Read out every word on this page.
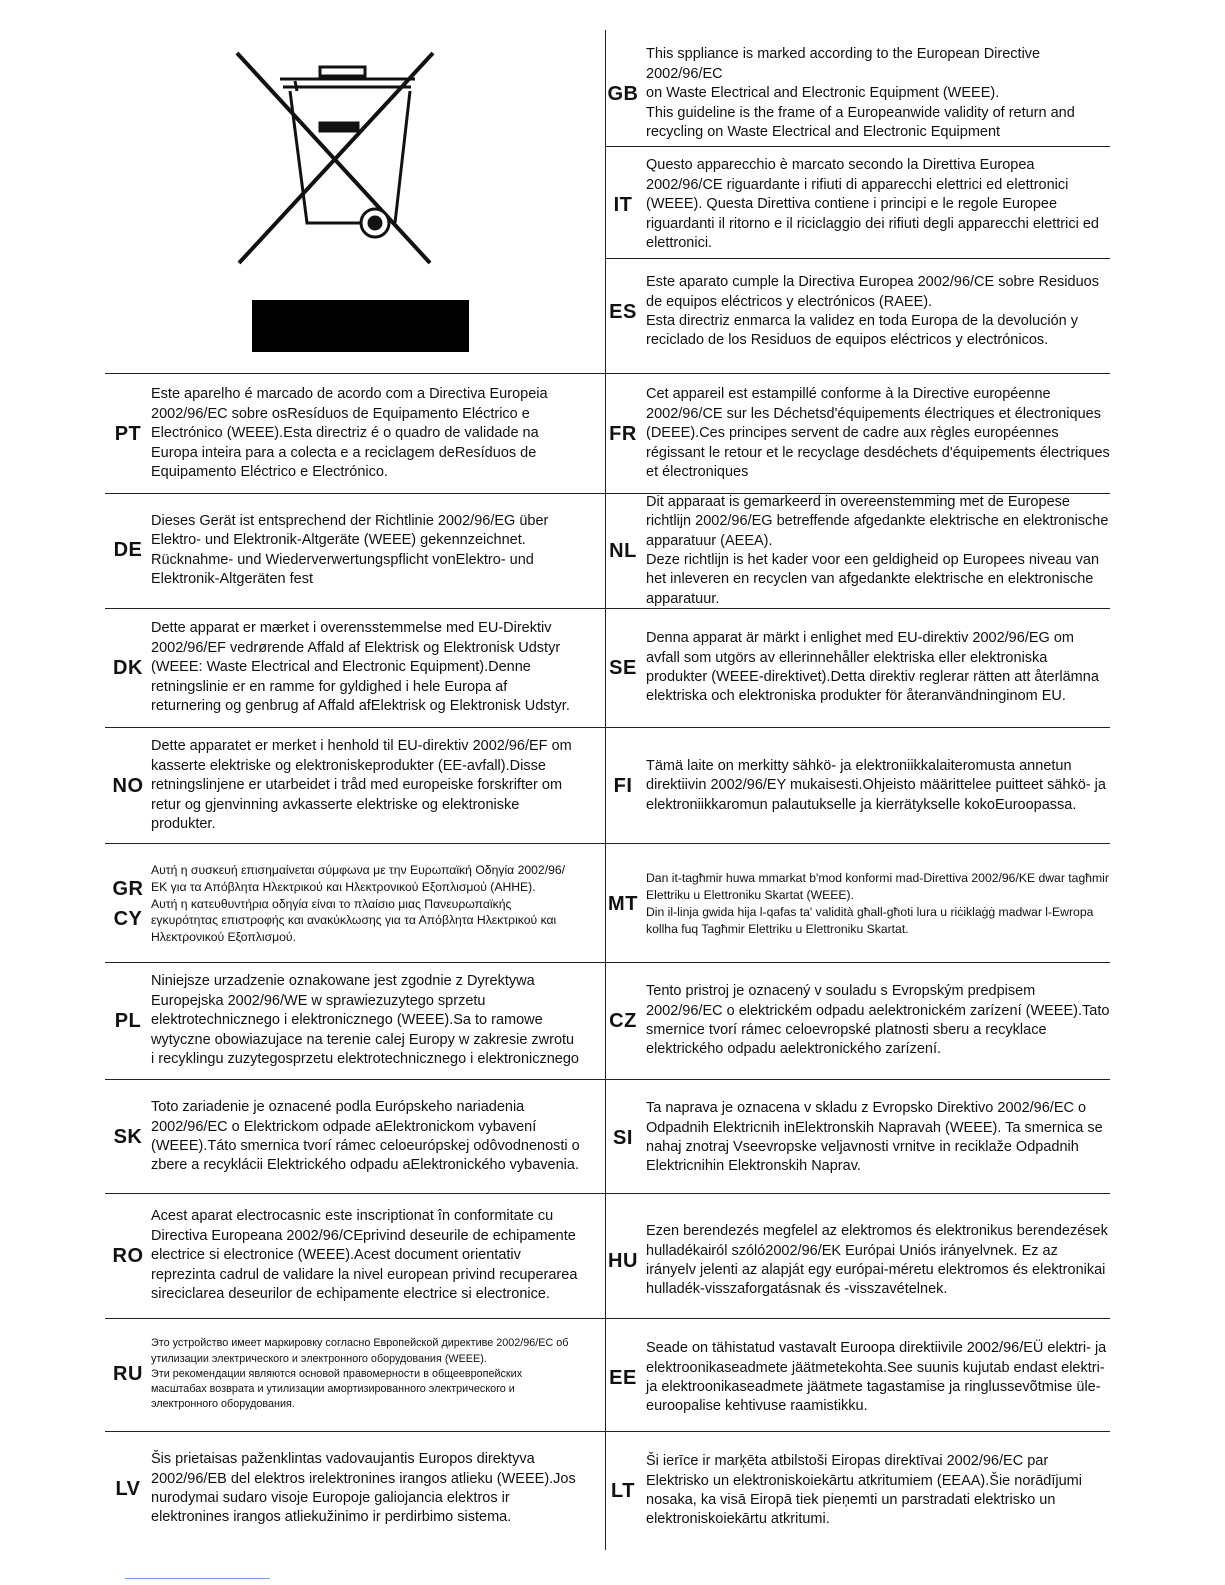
GB
This sppliance is marked according to the European Directive 2002/96/EC
on Waste Electrical and Electronic Equipment (WEEE).
This guideline is the frame of a Europeanwide validity of return and recycling on Waste Electrical and Electronic Equipment
IT
Questo apparecchio è marcato secondo la Direttiva Europea 2002/96/CE riguardante i rifiuti di apparecchi elettrici ed elettronici (WEEE). Questa Direttiva contiene i principi e le regole Europee riguardanti il ritorno e il riciclaggio dei rifiuti degli apparecchi elettrici ed elettronici.
ES
Este aparato cumple la Directiva Europea 2002/96/CE sobre Residuos de equipos eléctricos y electrónicos (RAEE).
Esta directriz enmarca la validez en toda Europa de la devolución y reciclado de los Residuos de equipos eléctricos y electrónicos.
PT
Este aparelho é marcado de acordo com a Directiva Europeia 2002/96/EC sobre osResíduos de Equipamento Eléctrico e Electrónico (WEEE).Esta directriz é o quadro de validade na Europa inteira para a colecta e a reciclagem deResíduos de Equipamento Eléctrico e Electrónico.
FR
Cet appareil est estampillé conforme à la Directive européenne 2002/96/CE sur les Déchetsd'équipements électriques et électroniques (DEEE).Ces principes servent de cadre aux règles européennes régissant le retour et le recyclage desdéchets d'équipements électriques et électroniques
DE
Dieses Gerät ist entsprechend der Richtlinie 2002/96/EG über Elektro- und Elektronik-Altgeräte (WEEE) gekennzeichnet.
Rücknahme- und Wiederverwertungspflicht vonElektro- und Elektronik-Altgeräten fest
NL
Dit apparaat is gemarkeerd in overeenstemming met de Europese richtlijn 2002/96/EG betreffende afgedankte elektrische en elektronische apparatuur (AEEA).
Deze richtlijn is het kader voor een geldigheid op Europees niveau van het inleveren en recyclen van afgedankte elektrische en elektronische apparatuur.
DK
Dette apparat er mærket i overensstemmelse med EU-Direktiv 2002/96/EF vedrørende Affald af Elektrisk og Elektronisk Udstyr (WEEE: Waste Electrical and Electronic Equipment).Denne retningslinie er en ramme for gyldighed i hele Europa af returnering og genbrug af Affald afElektrisk og Elektronisk Udstyr.
SE
Denna apparat är märkt i enlighet med EU-direktiv 2002/96/EG om avfall som utgörs av ellerinnehåller elektriska eller elektroniska produkter (WEEE-direktivet).Detta direktiv reglerar rätten att återlämna elektriska och elektroniska produkter för återanvändninginom EU.
NO
Dette apparatet er merket i henhold til EU-direktiv 2002/96/EF om kasserte elektriske og elektroniskeprodukter (EE-avfall).Disse retningslinjene er utarbeidet i tråd med europeiske forskrifter om retur og gjenvinning avkasserte elektriske og elektroniske produkter.
FI
Tämä laite on merkitty sähkö- ja elektroniikkalaiteromusta annetun direktiivin 2002/96/EY mukaisesti.Ohjeisto määrittelee puitteet sähkö- ja elektroniikkaromun palautukselle ja kierrätykselle kokoEuroopassa.
GR
CY
Αυτή η συσκευή επισημαίνεται σύμφωνα με την Ευρωπαϊκή Οδηγία 2002/96/ΕΚ για τα Απόβλητα Ηλεκτρικού και Ηλεκτρονικού Εξοπλισμού (ΑΗΗΕ).
Αυτή η κατευθυντήρια οδηγία είναι το πλαίσιο μιας Πανευρωπαϊκής εγκυρότητας επιστροφής και ανακύκλωσης για τα Απόβλητα Ηλεκτρικού και Ηλεκτρονικού Εξοπλισμού.
MT
Dan it-tagħmir huwa mmarkat b'mod konformi mad-Direttiva 2002/96/KE dwar tagħmir Elettriku u Elettroniku Skartat (WEEE).
Din il-linja gwida hija l-qafas ta' validità għall-għoti lura u riċiklaġġ madwar l-Ewropa kollha fuq Tagħmir Elettriku u Elettroniku Skartat.
PL
Niniejsze urzadzenie oznakowane jest zgodnie z Dyrektywa Europejska 2002/96/WE w sprawiezuzytego sprzetu elektrotechnicznego i elektronicznego (WEEE).Sa to ramowe wytyczne obowiazujace na terenie calej Europy w zakresie zwrotu i recyklingu zuzytegosprzetu elektrotechnicznego i elektronicznego
CZ
Tento pristroj je oznacený v souladu s Evropským predpisem 2002/96/EC o elektrickém odpadu aelektronickém zarízení (WEEE).Tato smernice tvorí rámec celoevropské platnosti sberu a recyklace elektrického odpadu aelektronického zarízení.
SK
Toto zariadenie je oznacené podla Európskeho nariadenia 2002/96/EC o Elektrickom odpade aElektronickom vybavení (WEEE).Táto smernica tvorí rámec celoeurópskej odôvodnenosti o zbere a recyklácii Elektrického odpadu aElektronického vybavenia.
SI
Ta naprava je oznacena v skladu z Evropsko Direktivo 2002/96/EC o Odpadnih Elektricnih inElektronskih Napravah (WEEE). Ta smernica se nahaj znotraj Vseevropske veljavnosti vrnitve in reciklaže Odpadnih Elektricnihin Elektronskih Naprav.
RO
Acest aparat electrocasnic este inscriptionat în conformitate cu Directiva Europeana 2002/96/CEprivind deseurile de echipamente electrice si electronice (WEEE).Acest document orientativ reprezinta cadrul de validare la nivel european privind recuperarea sireciclarea deseurilor de echipamente electrice si electronice.
HU
Ezen berendezés megfelel az elektromos és elektronikus berendezések hulladékairól szóló2002/96/EK Európai Uniós irányelvnek. Ez az irányelv jelenti az alapját egy európai-méretu elektromos és elektronikai hulladék-visszaforgatásnak és -visszavételnek.
RU
Это устройство имеет маркировку согласно Европейской директиве 2002/96/EC об утилизации электрического и электронного оборудования (WEEE).
Эти рекомендации являются основой правомерности в общеевропейских масштабах возврата и утилизации амортизированного электрического и электронного оборудования.
EE
Seade on tähistatud vastavalt Euroopa direktiivile 2002/96/EÜ elektri- ja elektroonikaseadmete jäätmetekohta.See suunis kujutab endast elektri- ja elektroonikaseadmete jäätmete tagastamise ja ringlussevõtmise üle-euroopalise kehtivuse raamistikku.
LV
Šis prietaisas paženklintas vadovaujantis Europos direktyva 2002/96/EB del elektros irelektronines irangos atlieku (WEEE).Jos nurodymai sudaro visoje Europoje galiojancia elektros ir elektronines irangos atliekužinimo ir perdirbimo sistema.
LT
Ši ierīce ir marķēta atbilstoši Eiropas direktīvai 2002/96/EC par Elektrisko un elektroniskoiekārtu atkritumiem (EEAA).Šie norādījumi nosaka, ka visā Eiropā tiek pieņemti un parstradati elektrisko un elektroniskoiekārtu atkritumi.
